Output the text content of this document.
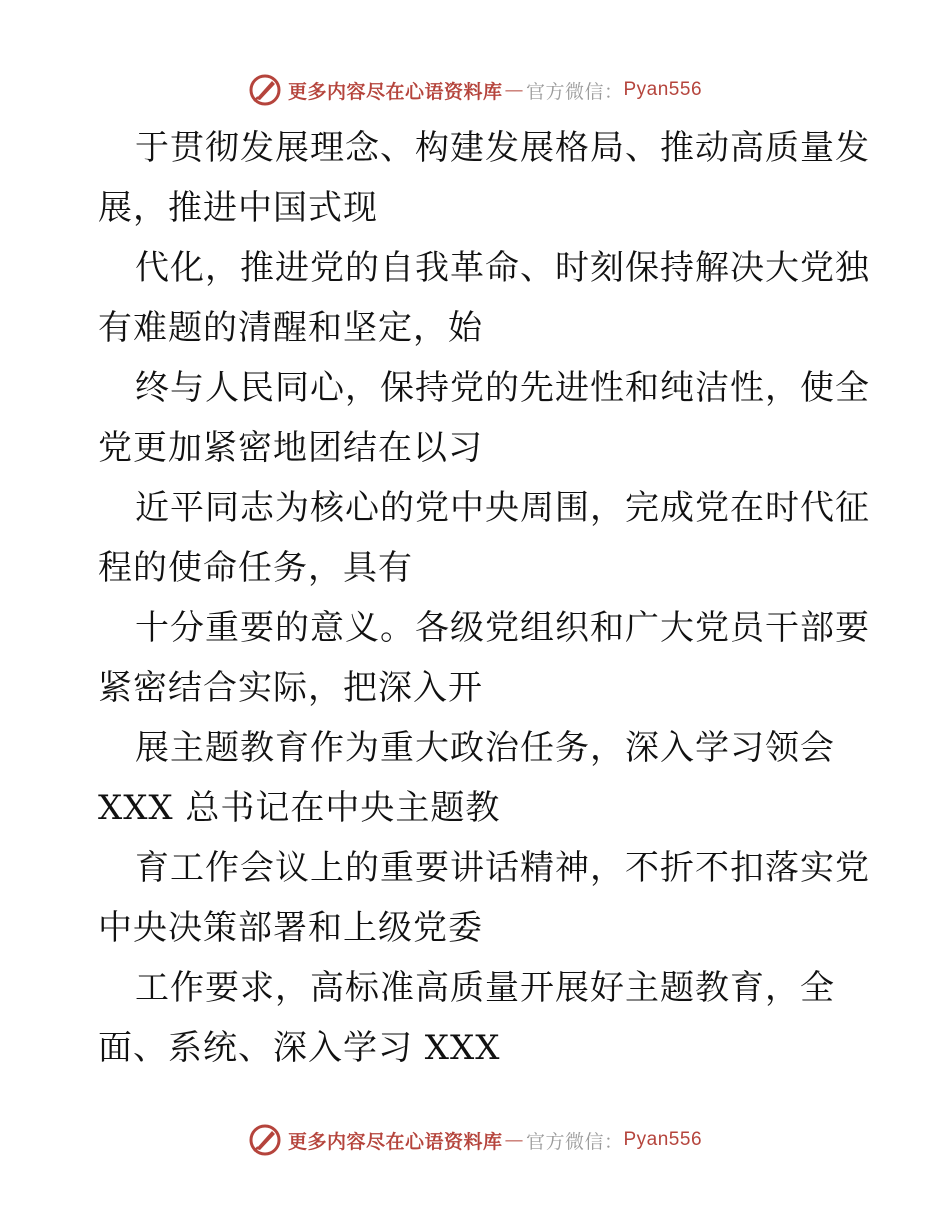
更多内容尽在心语资料库 — 官方微信： Pyan556

于贯彻发展理念、构建发展格局、推动高质量发
展，推进中国式现

代化，推进党的自我革命、时刻保持解决大党独
有难题的清醒和坚定，始

终与人民同心，保持党的先进性和纯洁性，使全
党更加紧密地团结在以习

近平同志为核心的党中央周围，完成党在时代征
程的使命任务，具有

十分重要的意义。各级党组织和广大党员干部要
紧密结合实际，把深入开

展主题教育作为重大政治任务，深入学习领会
XXX 总书记在中央主题教

育工作会议上的重要讲话精神，不折不扣落实党
中央决策部署和上级党委

工作要求，高标准高质量开展好主题教育，全
面、系统、深入学习 XXX

更多内容尽在心语资料库 — 官方微信： Pyan556
